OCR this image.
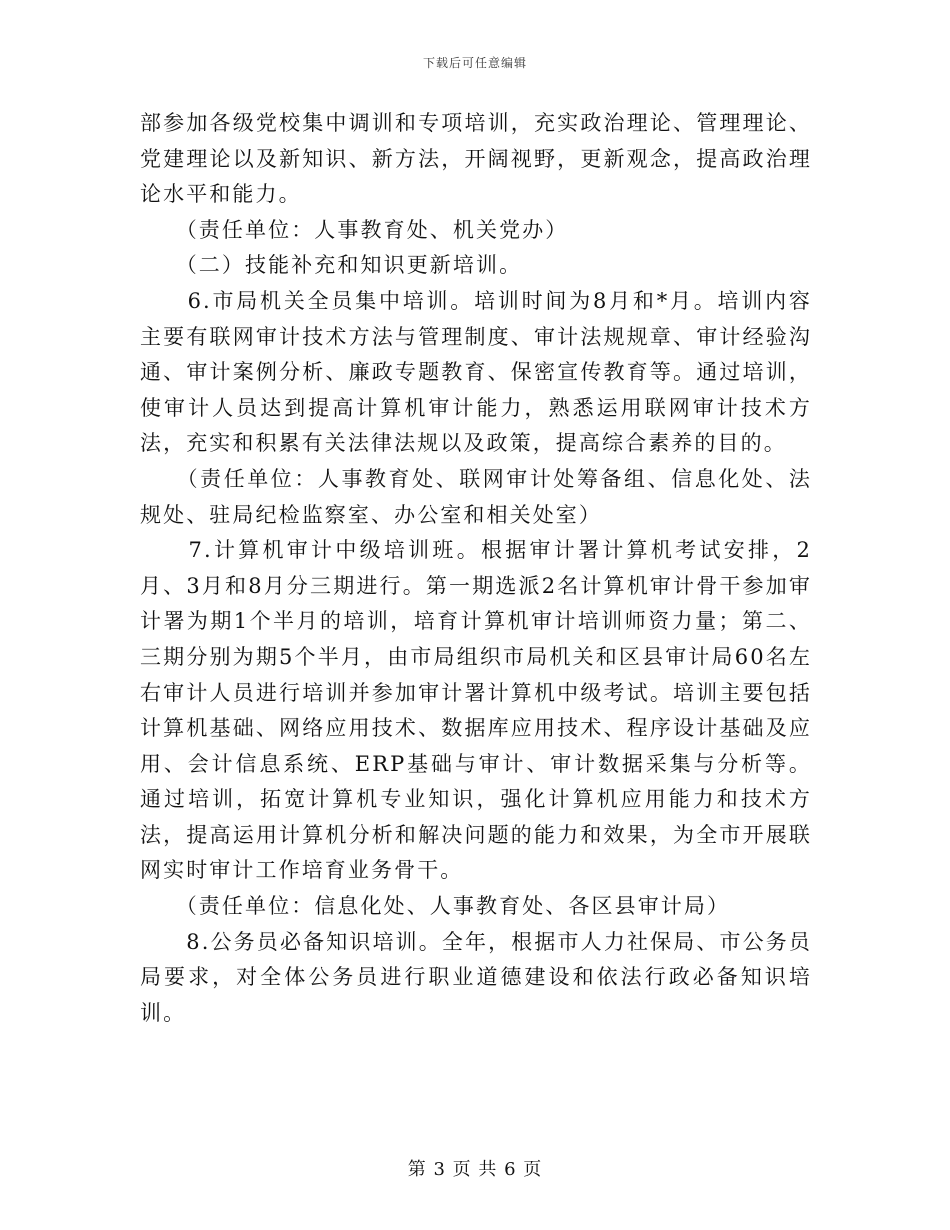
下载后可任意编辑

部参加各级党校集中调训和专项培训，充实政治理论、管理理论、党建理论以及新知识、新方法，开阔视野，更新观念，提高政治理论水平和能力。

　　（责任单位：人事教育处、机关党办）

　　（二）技能补充和知识更新培训。

　　6.市局机关全员集中培训。培训时间为8月和*月。培训内容主要有联网审计技术方法与管理制度、审计法规规章、审计经验沟通、审计案例分析、廉政专题教育、保密宣传教育等。通过培训，使审计人员达到提高计算机审计能力，熟悉运用联网审计技术方法，充实和积累有关法律法规以及政策，提高综合素养的目的。

　　（责任单位：人事教育处、联网审计处筹备组、信息化处、法规处、驻局纪检监察室、办公室和相关处室）

　　7.计算机审计中级培训班。根据审计署计算机考试安排，2月、3月和8月分三期进行。第一期选派2名计算机审计骨干参加审计署为期1个半月的培训，培育计算机审计培训师资力量；第二、三期分别为期5个半月，由市局组织市局机关和区县审计局60名左右审计人员进行培训并参加审计署计算机中级考试。培训主要包括计算机基础、网络应用技术、数据库应用技术、程序设计基础及应用、会计信息系统、ERP基础与审计、审计数据采集与分析等。通过培训，拓宽计算机专业知识，强化计算机应用能力和技术方法，提高运用计算机分析和解决问题的能力和效果，为全市开展联网实时审计工作培育业务骨干。

　　（责任单位：信息化处、人事教育处、各区县审计局）

　　8.公务员必备知识培训。全年，根据市人力社保局、市公务员局要求，对全体公务员进行职业道德建设和依法行政必备知识培训。

第 3 页 共 6 页
